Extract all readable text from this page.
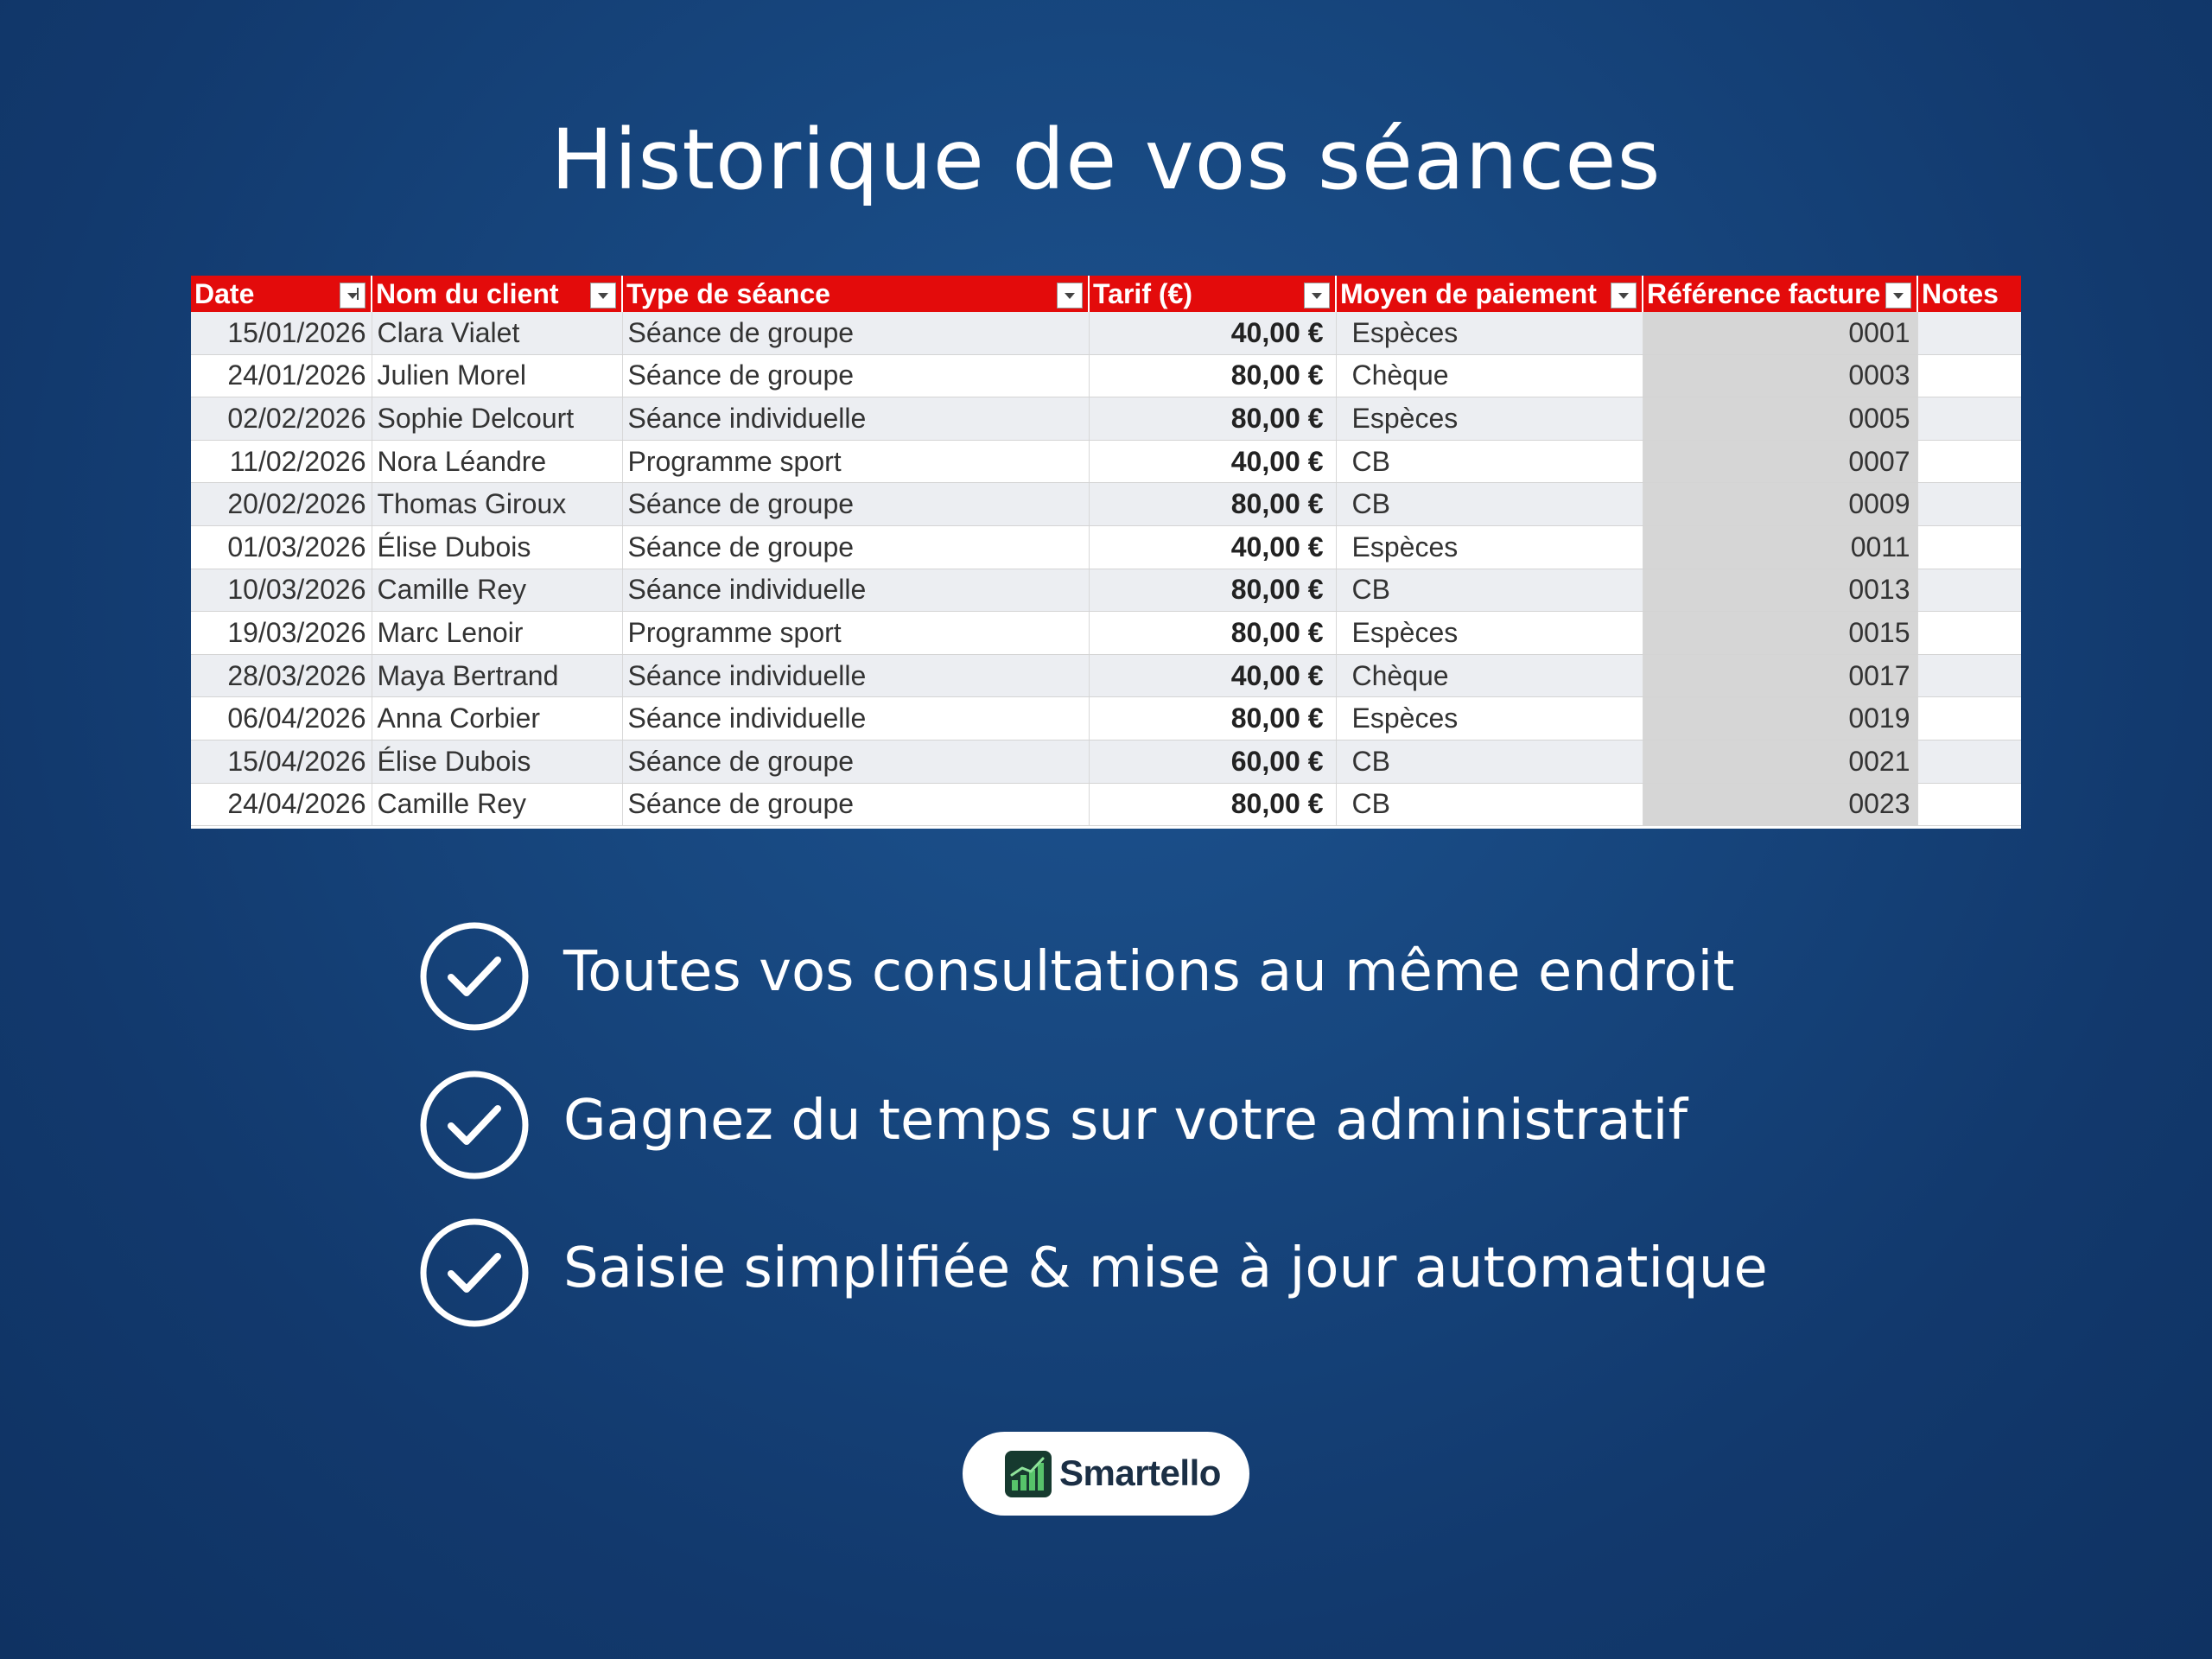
Historique de vos séances
Date	Nom du client	Type de séance	Tarif (€)	Moyen de paiement	Référence facture	Notes
15/01/2026	Clara Vialet	Séance de groupe	40,00 €	Espèces	0001	
24/01/2026	Julien Morel	Séance de groupe	80,00 €	Chèque	0003	
02/02/2026	Sophie Delcourt	Séance individuelle	80,00 €	Espèces	0005	
11/02/2026	Nora Léandre	Programme sport	40,00 €	CB	0007	
20/02/2026	Thomas Giroux	Séance de groupe	80,00 €	CB	0009	
01/03/2026	Élise Dubois	Séance de groupe	40,00 €	Espèces	0011	
10/03/2026	Camille Rey	Séance individuelle	80,00 €	CB	0013	
19/03/2026	Marc Lenoir	Programme sport	80,00 €	Espèces	0015	
28/03/2026	Maya Bertrand	Séance individuelle	40,00 €	Chèque	0017	
06/04/2026	Anna Corbier	Séance individuelle	80,00 €	Espèces	0019	
15/04/2026	Élise Dubois	Séance de groupe	60,00 €	CB	0021	
24/04/2026	Camille Rey	Séance de groupe	80,00 €	CB	0023	
Toutes vos consultations au même endroit
Gagnez du temps sur votre administratif
Saisie simplifiée & mise à jour automatique
Smartello
